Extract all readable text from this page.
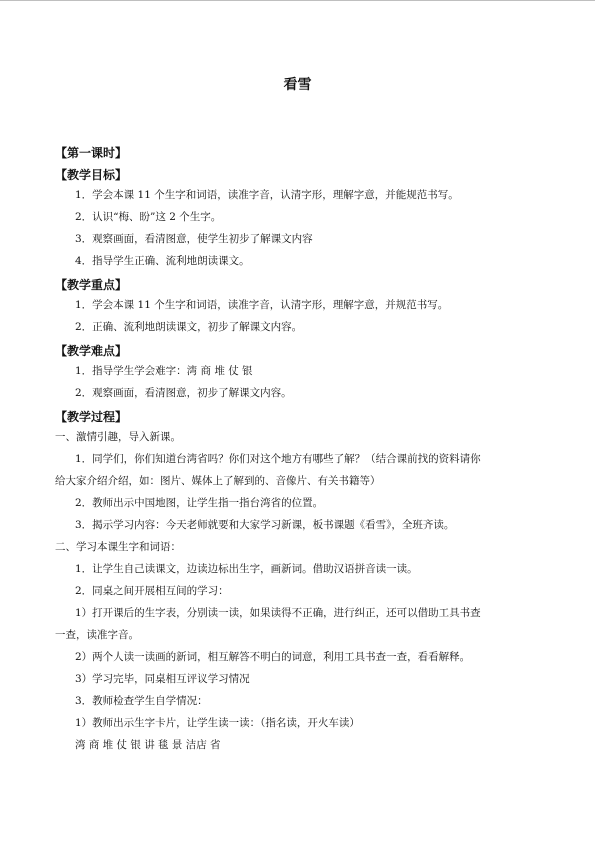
看雪
【第一课时】
【教学目标】
1．学会本课 11 个生字和词语，读准字音，认清字形，理解字意，并能规范书写。
2．认识“梅、盼”这 2 个生字。
3．观察画面，看清图意，使学生初步了解课文内容
4．指导学生正确、流利地朗读课文。
【教学重点】
1．学会本课 11 个生字和词语，读准字音，认清字形，理解字意，并规范书写。
2．正确、流利地朗读课文，初步了解课文内容。
【教学难点】
1．指导学生学会难字：湾 商 堆 仗 银
2．观察画面，看清图意，初步了解课文内容。
【教学过程】
一、激情引趣，导入新课。
1．同学们，你们知道台湾省吗？你们对这个地方有哪些了解？（结合课前找的资料请你
给大家介绍介绍，如：图片、媒体上了解到的、音像片、有关书籍等）
2．教师出示中国地图，让学生指一指台湾省的位置。
3．揭示学习内容：今天老师就要和大家学习新课，板书课题《看雪》，全班齐读。
二、学习本课生字和词语：
1．让学生自己读课文，边读边标出生字，画新词。借助汉语拼音读一读。
2．同桌之间开展相互间的学习：
1）打开课后的生字表，分别读一读，如果读得不正确，进行纠正，还可以借助工具书查
一查，读准字音。
2）两个人读一读画的新词，相互解答不明白的词意，利用工具书查一查，看看解释。
3）学习完毕，同桌相互评议学习情况
3．教师检查学生自学情况：
1）教师出示生字卡片，让学生读一读：（指名读，开火车读）
湾 商 堆 仗 银 讲 毯 景 洁店 省
